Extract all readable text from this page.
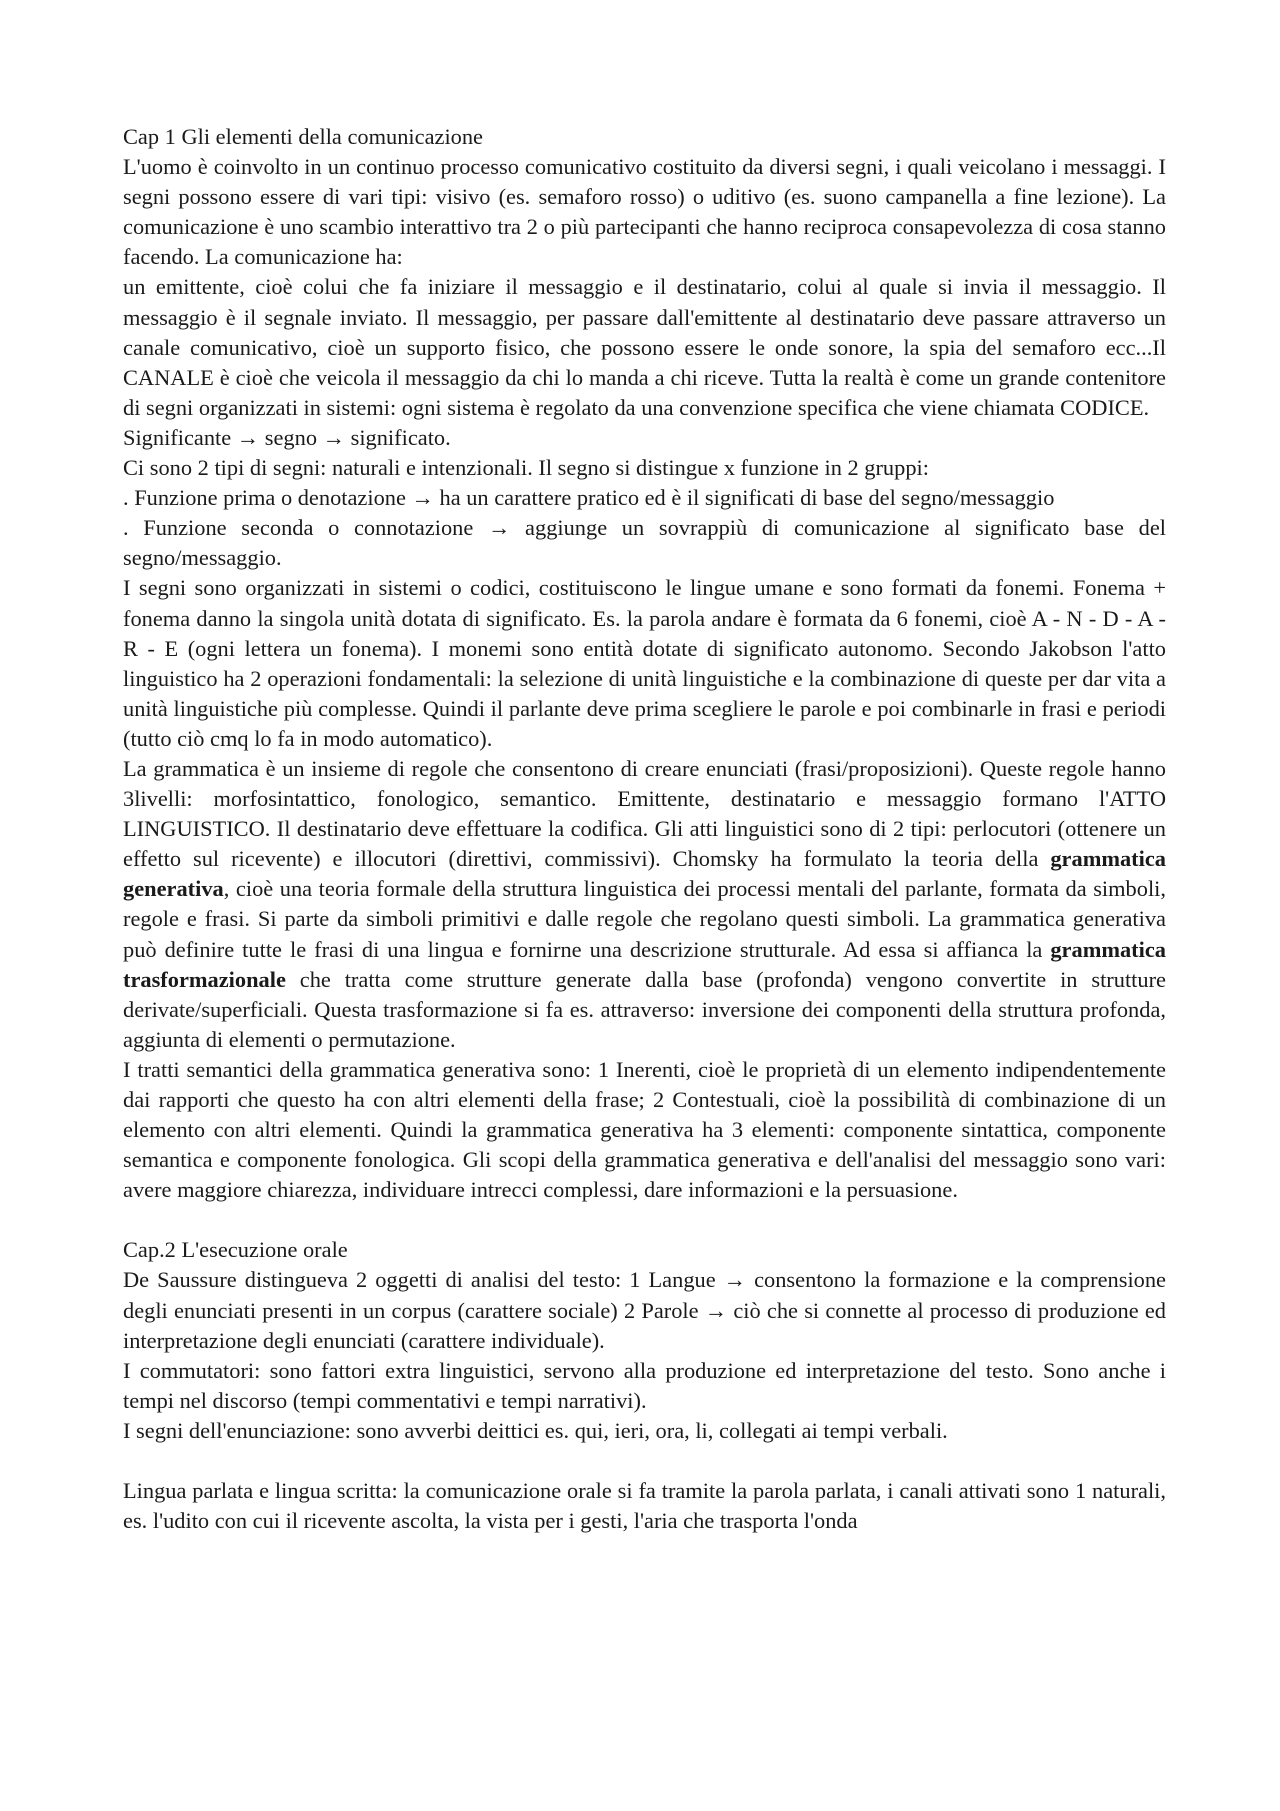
Cap 1 Gli elementi della comunicazione

L'uomo è coinvolto in un continuo processo comunicativo costituito da diversi segni, i quali veicolano i messaggi. I segni possono essere di vari tipi: visivo (es. semaforo rosso) o uditivo (es. suono campanella a fine lezione). La comunicazione è uno scambio interattivo tra 2 o più partecipanti che hanno reciproca consapevolezza di cosa stanno facendo. La comunicazione ha:

un emittente, cioè colui che fa iniziare il messaggio e il destinatario, colui al quale si invia il messaggio. Il messaggio è il segnale inviato. Il messaggio, per passare dall'emittente al destinatario deve passare attraverso un canale comunicativo, cioè un supporto fisico, che possono essere le onde sonore, la spia del semaforo ecc...Il CANALE è cioè che veicola il messaggio da chi lo manda a chi riceve. Tutta la realtà è come un grande contenitore di segni organizzati in sistemi: ogni sistema è regolato da una convenzione specifica che viene chiamata CODICE.

Significante → segno → significato.

Ci sono 2 tipi di segni: naturali e intenzionali. Il segno si distingue x funzione in 2 gruppi:

. Funzione prima o denotazione → ha un carattere pratico ed è il significati di base del segno/messaggio

. Funzione seconda o connotazione → aggiunge un sovrappiù di comunicazione al significato base del segno/messaggio.

I segni sono organizzati in sistemi o codici, costituiscono le lingue umane e sono formati da fonemi. Fonema + fonema danno la singola unità dotata di significato. Es. la parola andare è formata da 6 fonemi, cioè A - N - D - A - R - E (ogni lettera un fonema). I monemi sono entità dotate di significato autonomo. Secondo Jakobson l'atto linguistico ha 2 operazioni fondamentali: la selezione di unità linguistiche e la combinazione di queste per dar vita a unità linguistiche più complesse. Quindi il parlante deve prima scegliere le parole e poi combinarle in frasi e periodi (tutto ciò cmq lo fa in modo automatico).

La grammatica è un insieme di regole che consentono di creare enunciati (frasi/proposizioni). Queste regole hanno 3livelli: morfosintattico, fonologico, semantico. Emittente, destinatario e messaggio formano l'ATTO LINGUISTICO. Il destinatario deve effettuare la codifica. Gli atti linguistici sono di 2 tipi: perlocutori (ottenere un effetto sul ricevente) e illocutori (direttivi, commissivi). Chomsky ha formulato la teoria della grammatica generativa, cioè una teoria formale della struttura linguistica dei processi mentali del parlante, formata da simboli, regole e frasi. Si parte da simboli primitivi e dalle regole che regolano questi simboli. La grammatica generativa può definire tutte le frasi di una lingua e fornirne una descrizione strutturale. Ad essa si affianca la grammatica trasformazionale che tratta come strutture generate dalla base (profonda) vengono convertite in strutture derivate/superficiali. Questa trasformazione si fa es. attraverso: inversione dei componenti della struttura profonda, aggiunta di elementi o permutazione.

I tratti semantici della grammatica generativa sono: 1 Inerenti, cioè le proprietà di un elemento indipendentemente dai rapporti che questo ha con altri elementi della frase; 2 Contestuali, cioè la possibilità di combinazione di un elemento con altri elementi. Quindi la grammatica generativa ha 3 elementi: componente sintattica, componente semantica e componente fonologica. Gli scopi della grammatica generativa e dell'analisi del messaggio sono vari: avere maggiore chiarezza, individuare intrecci complessi, dare informazioni e la persuasione.

Cap.2 L'esecuzione orale

De Saussure distingueva 2 oggetti di analisi del testo: 1 Langue → consentono la formazione e la comprensione degli enunciati presenti in un corpus (carattere sociale) 2 Parole → ciò che si connette al processo di produzione ed interpretazione degli enunciati (carattere individuale).

I commutatori: sono fattori extra linguistici, servono alla produzione ed interpretazione del testo. Sono anche i tempi nel discorso (tempi commentativi e tempi narrativi).

I segni dell'enunciazione: sono avverbi deittici es. qui, ieri, ora, li, collegati ai tempi verbali.

Lingua parlata e lingua scritta: la comunicazione orale si fa tramite la parola parlata, i canali attivati sono 1 naturali, es. l'udito con cui il ricevente ascolta, la vista per i gesti, l'aria che trasporta l'onda
